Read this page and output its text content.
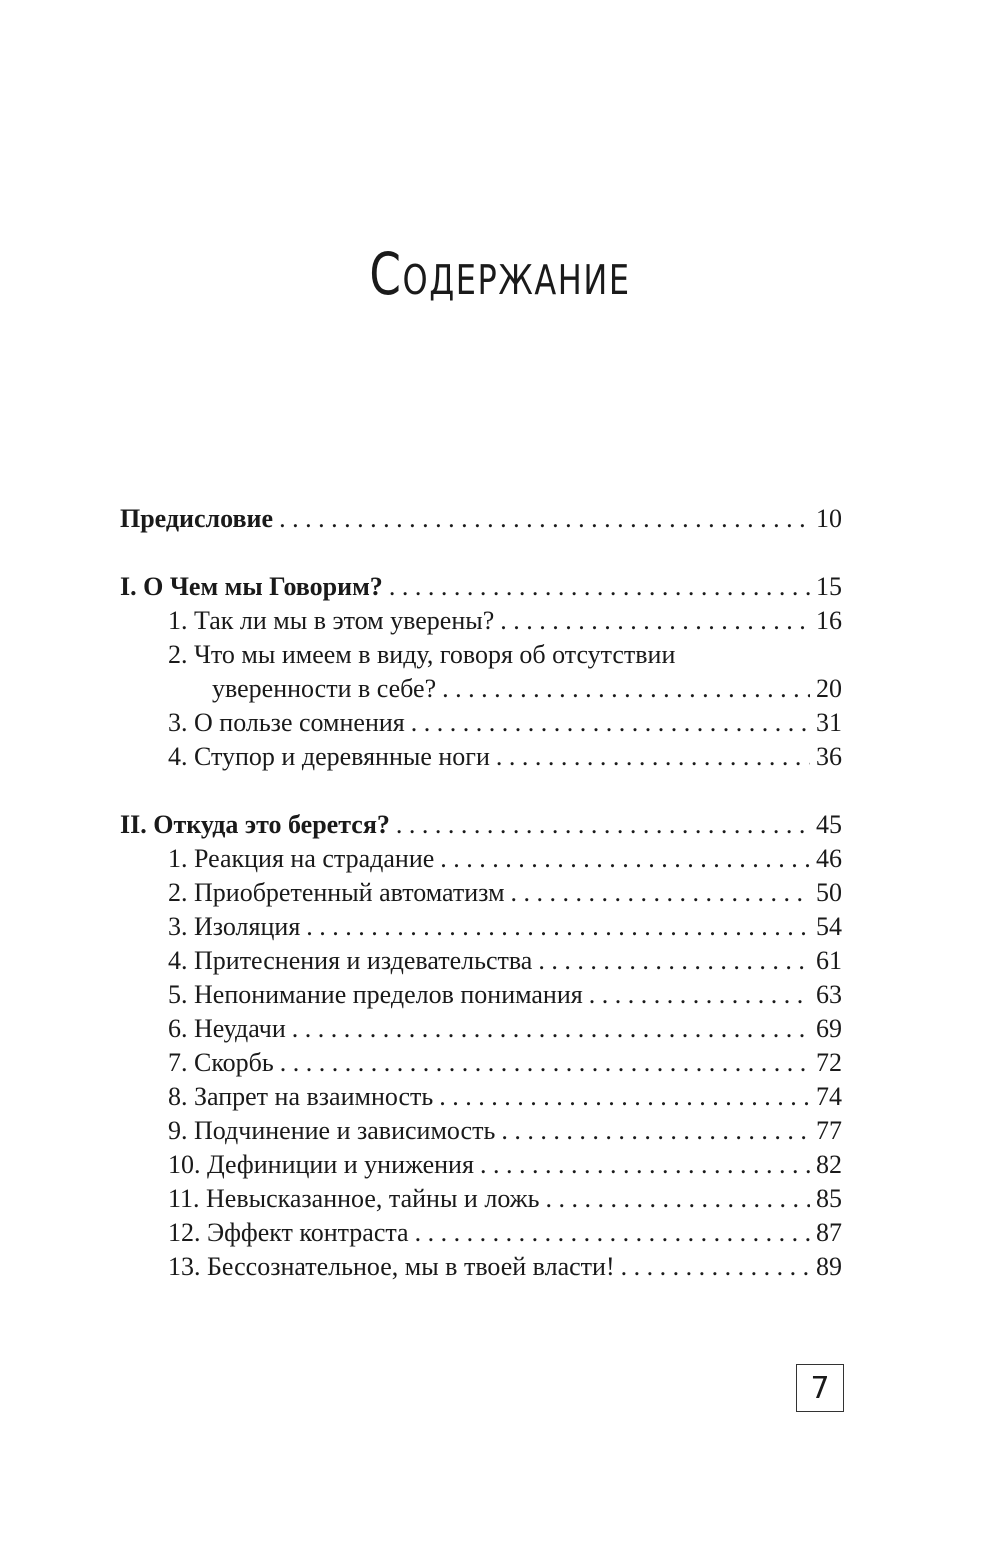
Содержание
Предисловие . . .	10
I. О Чем мы Говорим? . . .	15
1. Так ли мы в этом уверены? . . .	16
2. Что мы имеем в виду, говоря об отсутствии
уверенности в себе? . . .	20
3. О пользе сомнения . . .	31
4. Ступор и деревянные ноги . . .	36
II. Откуда это берется? . . .	45
1. Реакция на страдание . . .	46
2. Приобретенный автоматизм . . .	50
3. Изоляция . . .	54
4. Притеснения и издевательства . . .	61
5. Непонимание пределов понимания . . .	63
6. Неудачи . . .	69
7. Скорбь . . .	72
8. Запрет на взаимность . . .	74
9. Подчинение и зависимость . . .	77
10. Дефиниции и унижения . . .	82
11. Невысказанное, тайны и ложь . . .	85
12. Эффект контраста . . .	87
13. Бессознательное, мы в твоей власти! . . .	89
7
